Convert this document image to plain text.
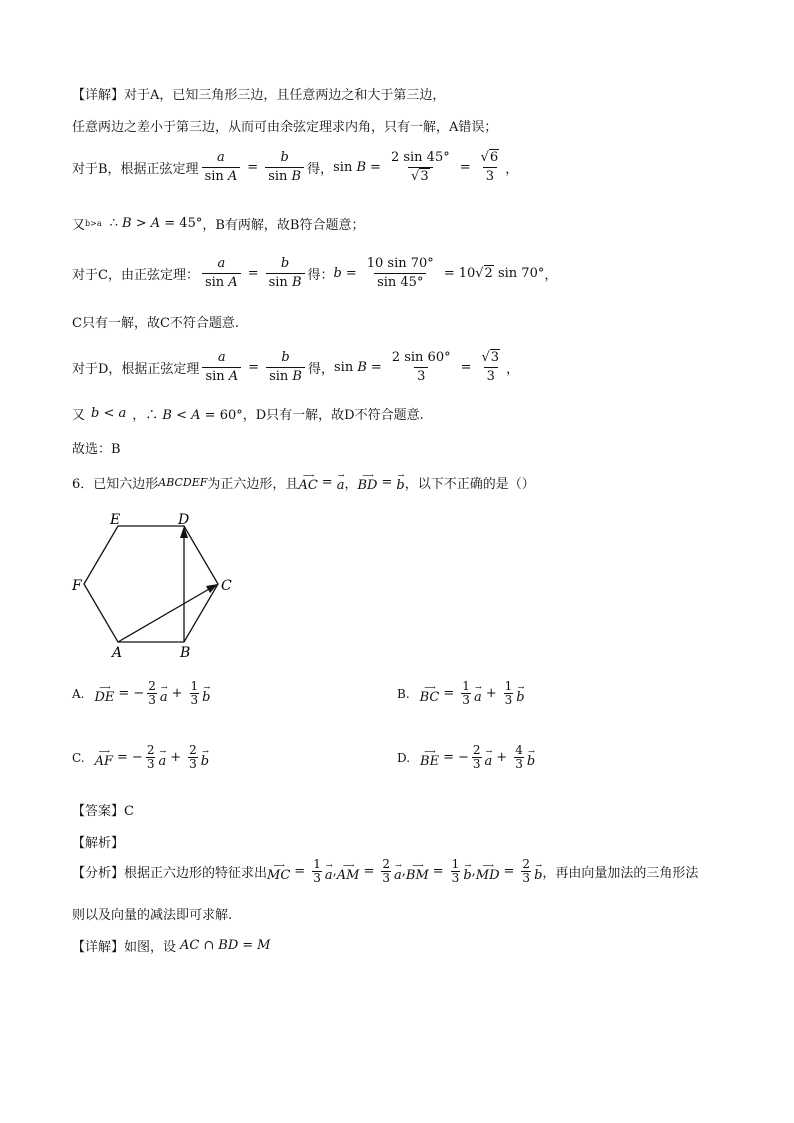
【详解】对于A，已知三角形三边，且任意两边之和大于第三边，
任意两边之差小于第三边，从而可由余弦定理求内角，只有一解，A错误；
对于B，根据正弦定理 $\frac{a}{\text{sin A}} = \frac{b}{\text{sin B}}$ 得， $\sin B = \frac{2 \sin 45^\circ}{√3} = \frac{√6}{3}$ ，
又 b>a ∴ B > A = 45° ，B有两解，故B符合题意；
对于C，由正弦定理： $\frac{a}{\text{sin A}} = \frac{b}{\text{sin B}}$ 得： $b = \frac{10 \sin 70^\circ}{\sin 45^\circ} = 10√2$ sin 70° ，
C只有一解，故C不符合题意.
对于D，根据正弦定理 $\frac{a}{\text{sin A}} = \frac{b}{\text{sin B}}$ 得， $\sin B = \frac{2 \sin 60^\circ}{3} = \frac{√3}{3}$ ，
又 b < a ，∴ B < A = 60° ，D只有一解，故D不符合题意.
故选：B
6．已知六边形 ABCDEF 为正六边形，且
⟶
AC = →
a ，
⟶
BD = →
b ，以下不正确的是（）
E	D
F	C
A	B
A. ⟶
DE = − $\frac{2}{3}$ →
$a + \frac{1}{3}$ →
b	B. ⟶
BC = $\frac{1}{3}$ →
$a + \frac{1}{3}$ →
b
C. ⟶
AF = − $\frac{2}{3}$ →
$a + \frac{2}{3}$ →
b	D. ⟶
BE = − $\frac{2}{3}$ →
$a + \frac{4}{3}$ →
b
【答案】C
【解析】
【分析】根据正六边形的特征求出
⟶
MC = $\frac{1}{3}$ →
a , ⟶
AM = $\frac{2}{3}$ →
a , ⟶
BM = $\frac{1}{3}$ →
b , ⟶
MD = $\frac{2}{3}$ →
b ，再由向量加法的三角形法
则以及向量的减法即可求解.
【详解】如图，设 AC ∩ BD = M
